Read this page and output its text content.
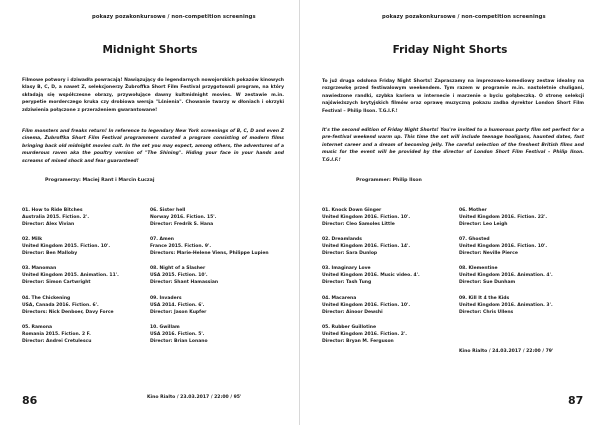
pokazy pozakonkursowe / non-competition screenings
Midnight Shorts

Filmowe potwory i dziwadła powracają! Nawiązujący do legendarnych nowojorskich pokazów kinowych klasy B, C, D, a nawet Z, selekcjonerzy Żubroffka Short Film Festival przygotowali program, na który składają się współczesne obrazy, przywołujące dawny kultmidnight movies. W zestawie m.in. perypetie morderczego kruka czy drobiowa wersja "Lśnienia". Chowanie twarzy w dłoniach i okrzyki zdziwienia połączone z przerażeniem gwarantowane!

Film monsters and freaks return! In reference to legendary New York screenings of B, C, D and even Z cinema, Żubroffka Short Film Festival programmers curated a program consisting of modern films bringing back old midnight movies cult. In the set you may expect, among others, the adventures of a murderous raven aka the poultry version of "The Shining". Hiding your face in your hands and screams of mixed shock and fear guaranteed!

Programerzy: Maciej Rant i Marcin Łuczaj
01. How to Ride Bitches
Australia 2015. Fiction. 2'.
Director: Alex Vivian
02. Milk
United Kingdom 2015. Fiction. 10'.
Director: Ben Malloby
03. Manoman
United Kingdom 2015. Animation. 11'.
Director: Simon Cartwright
04. The Chickening
USA, Canada 2016. Fiction. 6'.
Directors: Nick Denboer, Davy Force
05. Ramona
Romania 2015. Fiction. 2 F.
Director: Andrei Cretulescu
06. Sister hell
Norway 2016. Fiction. 15'.
Director: Fredrik S. Hana
07. Amen
France 2015. Fiction. 9'.
Directors: Marie-Helene Viens, Philippe Lupien
08. Night of a Slasher
USA 2015. Fiction. 10'.
Director: Shant Hamassian
09. Invaders
USA 2014. Fiction. 6'.
Director: Jason Kupfer
10. Gwillam
USA 2016. Fiction. 5'.
Director: Brian Lonano
Kino Rialto / 23.03.2017 / 22:00 / 95'
86
pokazy pozakonkursowe / non-competition screenings
Friday Night Shorts

To już druga odsłona Friday Night Shorts! Zapraszamy na imprezowo-komediowy zestaw idealny na rozgrzewkę przed festiwalowym weekendem. Tym razem w programie m.in. nastoletnie chuligani, nawiedzone randki, szybka kariera w internecie i marzenie o byciu gołąbeczką. O stronę selekcji najświeższych brytyjskich filmów oraz oprawę muzyczną pokazu zadba dyrektor London Short Film Festival – Philip Ilson. T.G.I.F.!

It's the second edition of Friday Night Shorts! You're invited to a humorous party film set perfect for a pre-festival weekend warm up. This time the set will include teenage hooligans, haunted dates, fast internet career and a dream of becoming jelly. The careful selection of the freshest British films and music for the event will be provided by the director of London Short Film Festival – Philip Ilson. T.G.I.F.!

Programmer: Philip Ilson
01. Knock Down Ginger
United Kingdom 2016. Fiction. 10'.
Director: Cleo Samoles Little
02. Dreamlands
United Kingdom 2016. Fiction. 14'.
Director: Sara Dunlop
03. Imaginary Love
United Kingdom 2016. Music video. 4'.
Director: Tash Tung
04. Macarena
United Kingdom 2016. Fiction. 10'.
Director: Ainoor Dewshi
05. Rubber Guillotine
United Kingdom 2016. Fiction. 2'.
Director: Bryan M. Ferguson
06. Mother
United Kingdom 2016. Fiction. 22'.
Director: Leo Leigh
07. Ghosted
United Kingdom 2016. Fiction. 10'.
Director: Neville Pierce
08. Klementine
United Kingdom 2016. Animation. 4'.
Director: Sue Dunham
09. Kill It 4 the Kids
United Kingdom 2016. Animation. 3'.
Director: Chris Ullens
Kino Rialto / 24.03.2017 / 22:00 / 79'
87
